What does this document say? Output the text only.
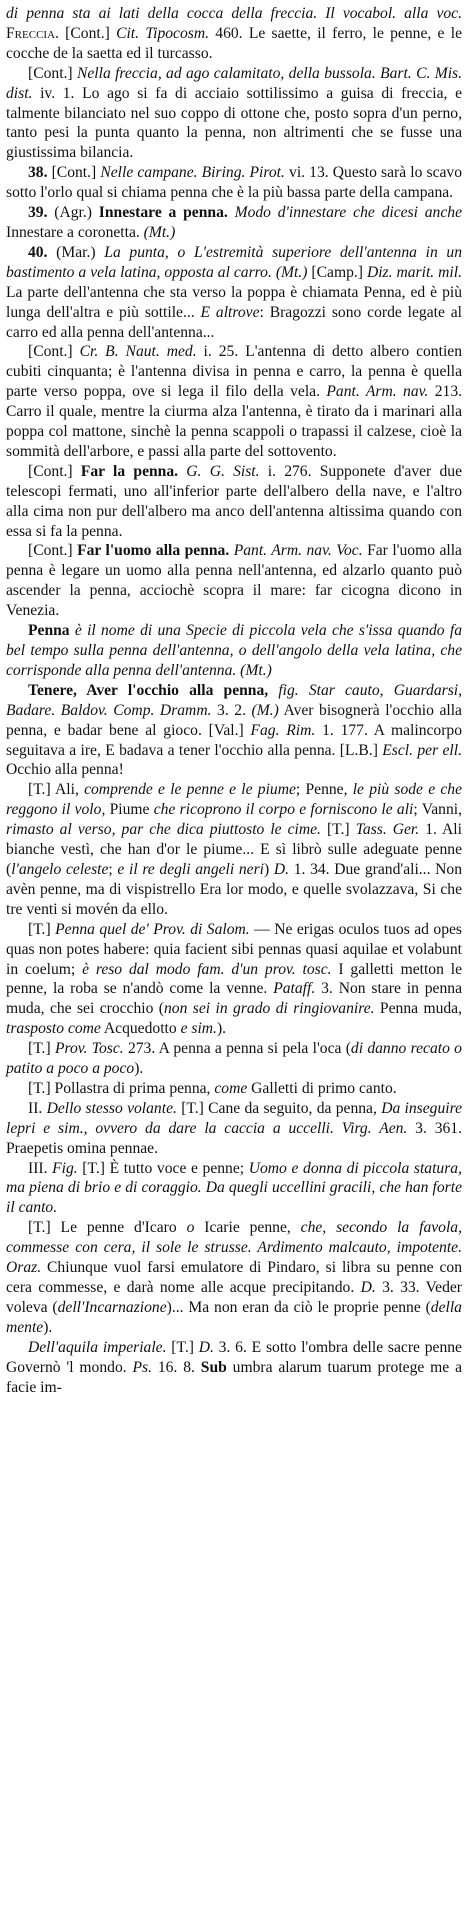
di penna sta ai lati della cocca della freccia. Il vocabol. alla voc. Freccia. [Cont.] Cit. Tipocosm. 460. Le saette, il ferro, le penne, e le cocche de la saetta ed il turcasso.

[Cont.] Nella freccia, ad ago calamitato, della bussola. Bart. C. Mis. dist. iv. 1. Lo ago si fa di acciaio sottilissimo a guisa di freccia, e talmente bilanciato nel suo coppo di ottone che, posto sopra d'un perno, tanto pesi la punta quanto la penna, non altrimenti che se fusse una giustissima bilancia.

38. [Cont.] Nelle campane. Biring. Pirot. vi. 13. Questo sarà lo scavo sotto l'orlo qual si chiama penna che è la più bassa parte della campana.

39. (Agr.) Innestare a penna. Modo d'innestare che dicesi anche Innestare a coronetta. (Mt.)

40. (Mar.) La punta, o L'estremità superiore dell'antenna in un bastimento a vela latina, opposta al carro. (Mt.) [Camp.] Diz. marit. mil. La parte dell'antenna che sta verso la poppa è chiamata Penna, ed è più lunga dell'altra e più sottile... E altrove: Bragozzi sono corde legate al carro ed alla penna dell'antenna...

[Cont.] Cr. B. Naut. med. i. 25. L'antenna di detto albero contien cubiti cinquanta; è l'antenna divisa in penna e carro, la penna è quella parte verso poppa, ove si lega il filo della vela. Pant. Arm. nav. 213. Carro il quale, mentre la ciurma alza l'antenna, è tirato da i marinari alla poppa col mattone, sinchè la penna scappoli o trapassi il calzese, cioè la sommità dell'arbore, e passi alla parte del sottovento.

[Cont.] Far la penna. G. G. Sist. i. 276. Supponete d'aver due telescopi fermati, uno all'inferior parte dell'albero della nave, e l'altro alla cima non pur dell'albero ma anco dell'antenna altissima quando con essa si fa la penna.

[Cont.] Far l'uomo alla penna. Pant. Arm. nav. Voc. Far l'uomo alla penna è legare un uomo alla penna nell'antenna, ed alzarlo quanto può ascender la penna, acciochè scopra il mare: far cicogna dicono in Venezia.

Penna è il nome di una Specie di piccola vela che s'issa quando fa bel tempo sulla penna dell'antenna, o dell'angolo della vela latina, che corrisponde alla penna dell'antenna. (Mt.)

Tenere, Aver l'occhio alla penna, fig. Star cauto, Guardarsi, Badare. Baldov. Comp. Dramm. 3. 2. (M.) Aver bisognerà l'occhio alla penna, e badar bene al gioco. [Val.] Fag. Rim. 1. 177. A malincorpo seguitava a ire, E badava a tener l'occhio alla penna. [L.B.] Escl. per ell. Occhio alla penna!

[T.] Ali, comprende e le penne e le piume; Penne, le più sode e che reggono il volo, Piume che ricoprono il corpo e forniscono le ali; Vanni, rimasto al verso, par che dica piuttosto le cime. [T.] Tass. Ger. 1. Ali bianche vestì, che han d'or le piume... E sì librò sulle adeguate penne (l'angelo celeste; e il re degli angeli neri) D. 1. 34. Due grand'ali... Non avèn penne, ma di vispistrello Era lor modo, e quelle svolazzava, Si che tre venti si movén da ello.

[T.] Penna quel de' Prov. di Salom. — Ne erigas oculos tuos ad opes quas non potes habere: quia facient sibi pennas quasi aquilae et volabunt in coelum; è reso dal modo fam. d'un prov. tosc. I galletti metton le penne, la roba se n'andò come la venne. Pataff. 3. Non stare in penna muda, che sei crocchio (non sei in grado di ringiovanire. Penna muda, trasposto come Acquedotto e sim.).

[T.] Prov. Tosc. 273. A penna a penna si pela l'oca (di danno recato o patito a poco a poco).

[T.] Pollastra di prima penna, come Galletti di primo canto.

II. Dello stesso volante. [T.] Cane da seguito, da penna, Da inseguire lepri e sim., ovvero da dare la caccia a uccelli. Virg. Aen. 3. 361. Praepetis omina pennae.

III. Fig. [T.] È tutto voce e penne; Uomo e donna di piccola statura, ma piena di brio e di coraggio. Da quegli uccellini gracili, che han forte il canto.

[T.] Le penne d'Icaro o Icarie penne, che, secondo la favola, commesse con cera, il sole le strusse. Ardimento malcauto, impotente. Oraz. Chiunque vuol farsi emulatore di Pindaro, si libra su penne con cera commesse, e darà nome alle acque precipitando. D. 3. 33. Veder voleva (dell'Incarnazione)... Ma non eran da ciò le proprie penne (della mente).

Dell'aquila imperiale. [T.] D. 3. 6. E sotto l'ombra delle sacre penne Governò 'l mondo. Ps. 16. 8. Sub umbra alarum tuarum protege me a facie im-
